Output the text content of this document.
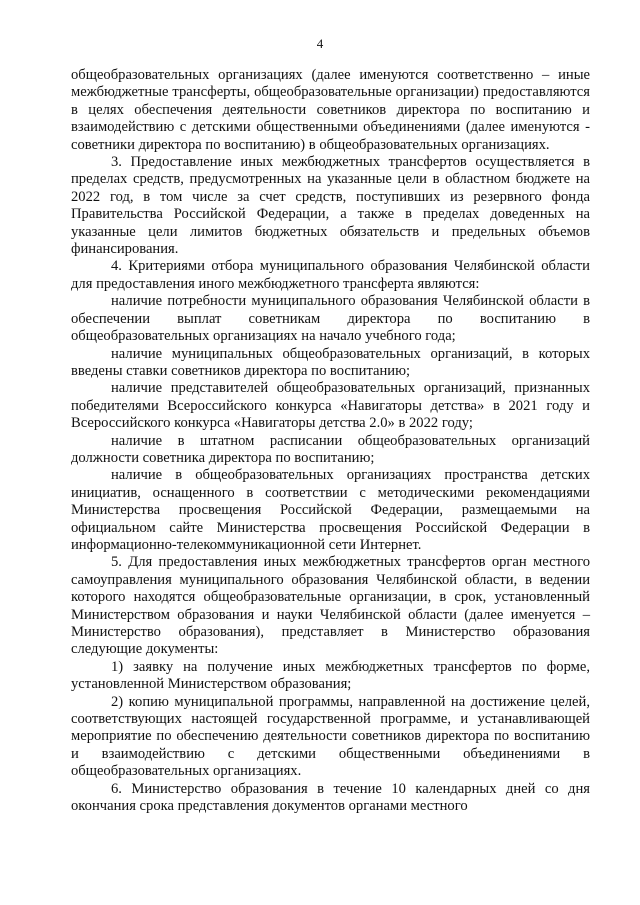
4

общеобразовательных организациях (далее именуются соответственно – иные межбюджетные трансферты, общеобразовательные организации) предоставляются в целях обеспечения деятельности советников директора по воспитанию и взаимодействию с детскими общественными объединениями (далее именуются - советники директора по воспитанию) в общеобразовательных организациях.

3. Предоставление иных межбюджетных трансфертов осуществляется в пределах средств, предусмотренных на указанные цели в областном бюджете на 2022 год, в том числе за счет средств, поступивших из резервного фонда Правительства Российской Федерации, а также в пределах доведенных на указанные цели лимитов бюджетных обязательств и предельных объемов финансирования.

4. Критериями отбора муниципального образования Челябинской области для предоставления иного межбюджетного трансферта являются:

наличие потребности муниципального образования Челябинской области в обеспечении выплат советникам директора по воспитанию в общеобразовательных организациях на начало учебного года;

наличие муниципальных общеобразовательных организаций, в которых введены ставки советников директора по воспитанию;

наличие представителей общеобразовательных организаций, признанных победителями Всероссийского конкурса «Навигаторы детства» в 2021 году и Всероссийского конкурса «Навигаторы детства 2.0» в 2022 году;

наличие в штатном расписании общеобразовательных организаций должности советника директора по воспитанию;

наличие в общеобразовательных организациях пространства детских инициатив, оснащенного в соответствии с методическими рекомендациями Министерства просвещения Российской Федерации, размещаемыми на официальном сайте Министерства просвещения Российской Федерации в информационно-телекоммуникационной сети Интернет.

5. Для предоставления иных межбюджетных трансфертов орган местного самоуправления муниципального образования Челябинской области, в ведении которого находятся общеобразовательные организации, в срок, установленный Министерством образования и науки Челябинской области (далее именуется – Министерство образования), представляет в Министерство образования следующие документы:

1) заявку на получение иных межбюджетных трансфертов по форме, установленной Министерством образования;

2) копию муниципальной программы, направленной на достижение целей, соответствующих настоящей государственной программе, и устанавливающей мероприятие по обеспечению деятельности советников директора по воспитанию и взаимодействию с детскими общественными объединениями в общеобразовательных организациях.

6. Министерство образования в течение 10 календарных дней со дня окончания срока представления документов органами местного
